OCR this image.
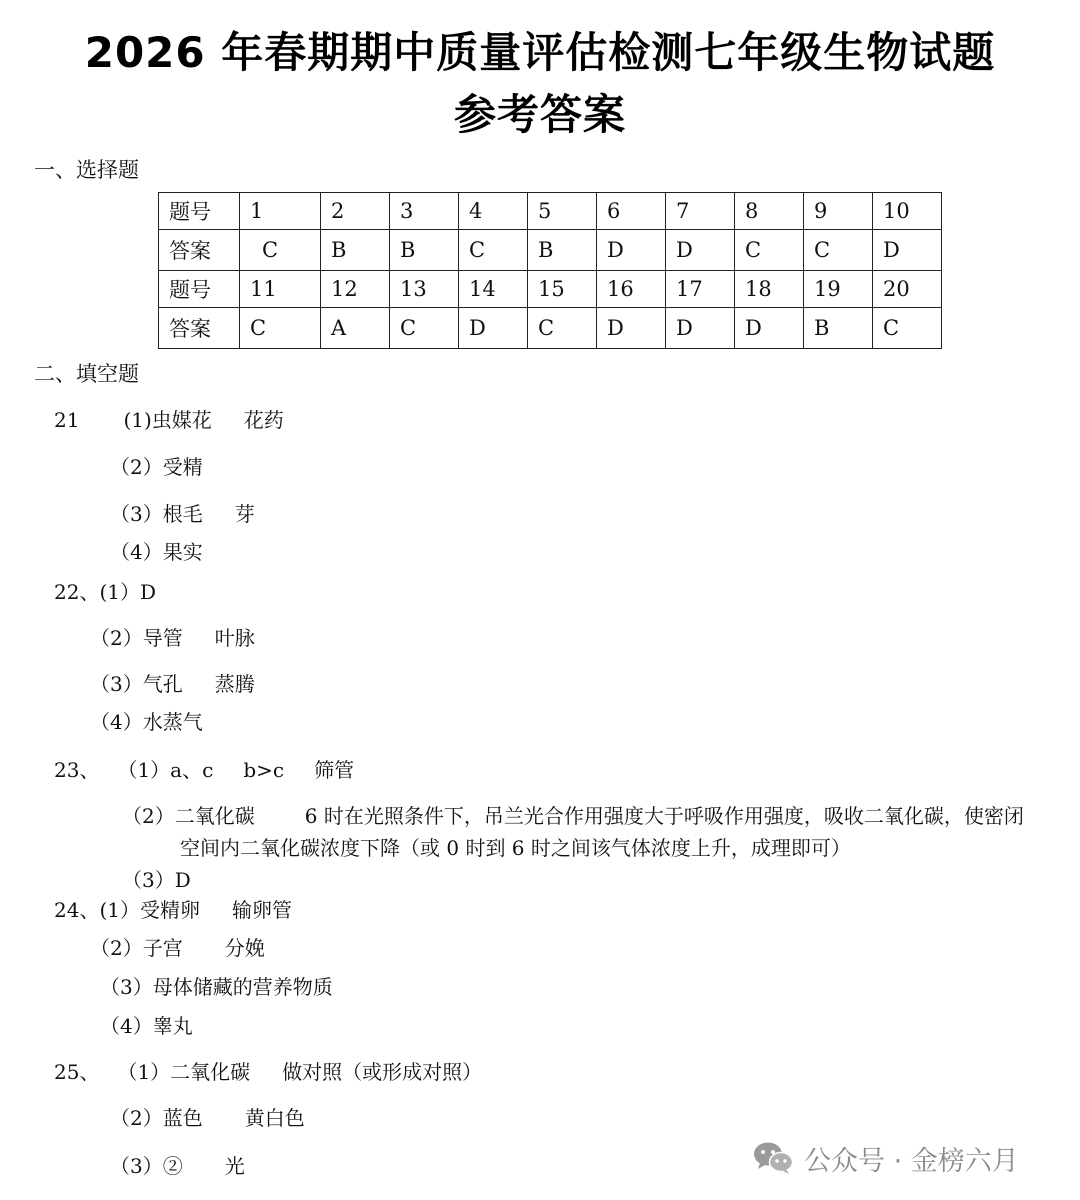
2026 年春期期中质量评估检测七年级生物试题
参考答案
一、选择题
题号	1	2	3	4	5	6	7	8	9	10
答案	C	B	B	C	B	D	D	C	C	D
题号	11	12	13	14	15	16	17	18	19	20
答案	C	A	C	D	C	D	D	D	B	C
二、填空题
21 (1)虫媒花 花药
（2）受精
（3）根毛 芽
（4）果实
22、(1）D
（2）导管 叶脉
（3）气孔 蒸腾
（4）水蒸气
23、 （1）a、c b>c 筛管
（2）二氧化碳	6 时在光照条件下，吊兰光合作用强度大于呼吸作用强度，吸收二氧化碳，使密闭
空间内二氧化碳浓度下降（或 0 时到 6 时之间该气体浓度上升，成理即可）
（3）D
24、(1）受精卵 输卵管
（2）子宫 分娩
（3）母体储藏的营养物质
（4）睾丸
25、 （1）二氧化碳 做对照（或形成对照）
（2）蓝色 黄白色
（3）② 光	公众号 · 金榜六月
